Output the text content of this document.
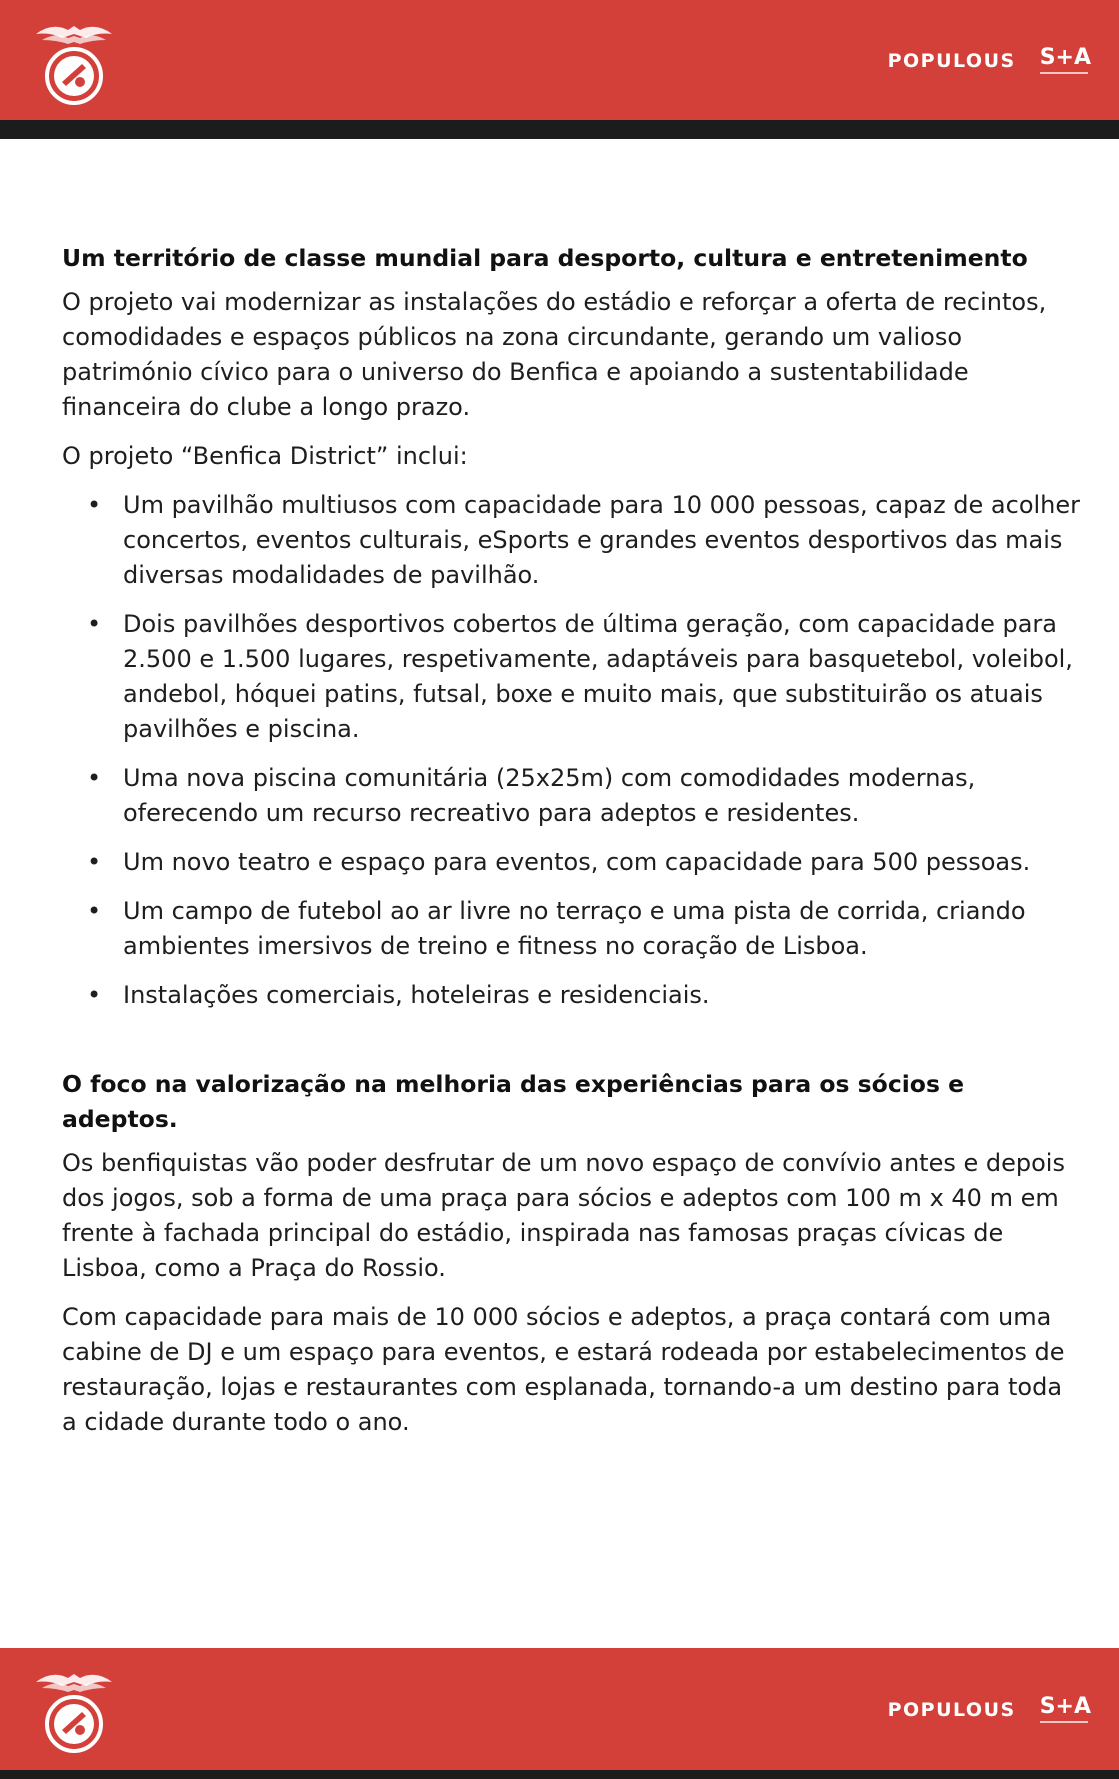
POPULOUS S+A
Um território de classe mundial para desporto, cultura e entretenimento

O projeto vai modernizar as instalações do estádio e reforçar a oferta de recintos, comodidades e espaços públicos na zona circundante, gerando um valioso património cívico para o universo do Benfica e apoiando a sustentabilidade financeira do clube a longo prazo.

O projeto “Benfica District” inclui:

• Um pavilhão multiusos com capacidade para 10 000 pessoas, capaz de acolher concertos, eventos culturais, eSports e grandes eventos desportivos das mais diversas modalidades de pavilhão.
• Dois pavilhões desportivos cobertos de última geração, com capacidade para 2.500 e 1.500 lugares, respetivamente, adaptáveis para basquetebol, voleibol, andebol, hóquei patins, futsal, boxe e muito mais, que substituirão os atuais pavilhões e piscina.
• Uma nova piscina comunitária (25x25m) com comodidades modernas, oferecendo um recurso recreativo para adeptos e residentes.
• Um novo teatro e espaço para eventos, com capacidade para 500 pessoas.
• Um campo de futebol ao ar livre no terraço e uma pista de corrida, criando ambientes imersivos de treino e fitness no coração de Lisboa.
• Instalações comerciais, hoteleiras e residenciais.
O foco na valorização na melhoria das experiências para os sócios e adeptos.

Os benfiquistas vão poder desfrutar de um novo espaço de convívio antes e depois dos jogos, sob a forma de uma praça para sócios e adeptos com 100 m x 40 m em frente à fachada principal do estádio, inspirada nas famosas praças cívicas de Lisboa, como a Praça do Rossio.

Com capacidade para mais de 10 000 sócios e adeptos, a praça contará com uma cabine de DJ e um espaço para eventos, e estará rodeada por estabelecimentos de restauração, lojas e restaurantes com esplanada, tornando-a um destino para toda a cidade durante todo o ano.

POPULOUS S+A
